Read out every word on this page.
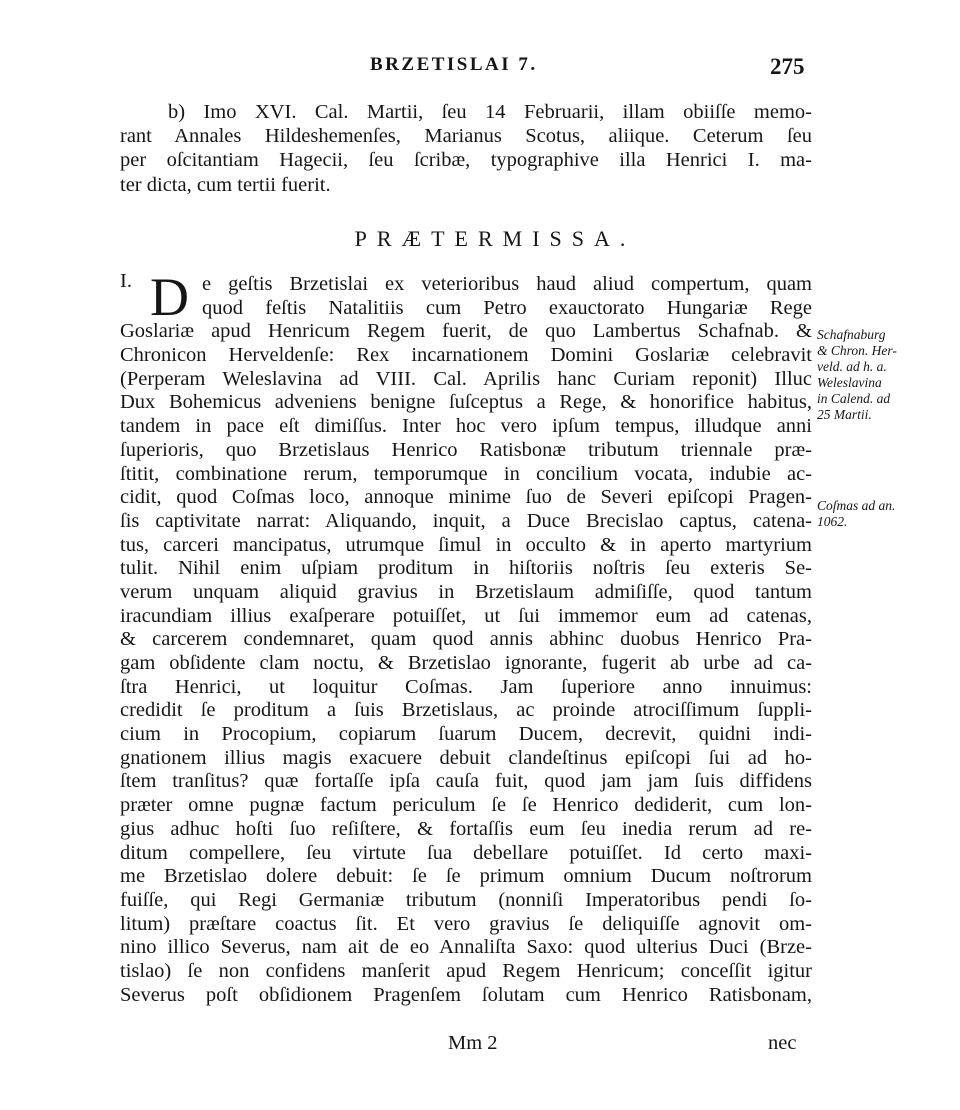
BRZETISLAI 7.	275
b) Imo XVI. Cal. Martii, ſeu 14 Februarii, illam obiiſſe memo-
rant Annales Hildeshemenſes, Marianus Scotus, aliique. Ceterum ſeu
per oſcitantiam Hagecii, ſeu ſcribæ, typographive illa Henrici I. ma-
ter dicta, cum tertii fuerit.
PRÆTERMISSA.
I. D e geſtis Brzetislai ex veterioribus haud aliud compertum, quam
quod feſtis Natalitiis cum Petro exauctorato Hungariæ Rege
Goslariæ apud Henricum Regem fuerit, de quo Lambertus Schafnab. &
Chronicon Herveldenſe: Rex incarnationem Domini Goslariæ celebravit
(Perperam Weleslavina ad VIII. Cal. Aprilis hanc Curiam reponit) Illuc
Dux Bohemicus adveniens benigne ſuſceptus a Rege, & honorifice habitus,
tandem in pace eſt dimiſſus. Inter hoc vero ipſum tempus, illudque anni
ſuperioris, quo Brzetislaus Henrico Ratisbonæ tributum triennale præ-
ſtitit, combinatione rerum, temporumque in concilium vocata, indubie ac-
cidit, quod Coſmas loco, annoque minime ſuo de Severi epiſcopi Pragen-
ſis captivitate narrat: Aliquando, inquit, a Duce Brecislao captus, catena-
tus, carceri mancipatus, utrumque ſimul in occulto & in aperto martyrium
tulit. Nihil enim uſpiam proditum in hiſtoriis noſtris ſeu exteris Se-
verum unquam aliquid gravius in Brzetislaum admiſiſſe, quod tantum
iracundiam illius exaſperare potuiſſet, ut ſui immemor eum ad catenas,
& carcerem condemnaret, quam quod annis abhinc duobus Henrico Pra-
gam obſidente clam noctu, & Brzetislao ignorante, fugerit ab urbe ad ca-
ſtra Henrici, ut loquitur Coſmas. Jam ſuperiore anno innuimus:
credidit ſe proditum a ſuis Brzetislaus, ac proinde atrociſſimum ſuppli-
cium in Procopium, copiarum ſuarum Ducem, decrevit, quidni indi-
gnationem illius magis exacuere debuit clandeſtinus epiſcopi ſui ad ho-
ſtem tranſitus? quæ fortaſſe ipſa cauſa fuit, quod jam jam ſuis diffidens
præter omne pugnæ factum periculum ſe ſe Henrico dediderit, cum lon-
gius adhuc hoſti ſuo reſiſtere, & fortaſſis eum ſeu inedia rerum ad re-
ditum compellere, ſeu virtute ſua debellare potuiſſet. Id certo maxi-
me Brzetislao dolere debuit: ſe ſe primum omnium Ducum noſtrorum
fuiſſe, qui Regi Germaniæ tributum (nonniſi Imperatoribus pendi ſo-
litum) præſtare coactus ſit. Et vero gravius ſe deliquiſſe agnovit om-
nino illico Severus, nam ait de eo Annaliſta Saxo: quod ulterius Duci (Brze-
tislao) ſe non confidens manſerit apud Regem Henricum; conceſſit igitur
Severus poſt obſidionem Pragenſem ſolutam cum Henrico Ratisbonam,
Schafnaburg
& Chron. Her-
veld. ad h. a.
Weleslavina
in Calend. ad
25 Martii.
Coſmas ad an.
1062.
Mm 2	nec
